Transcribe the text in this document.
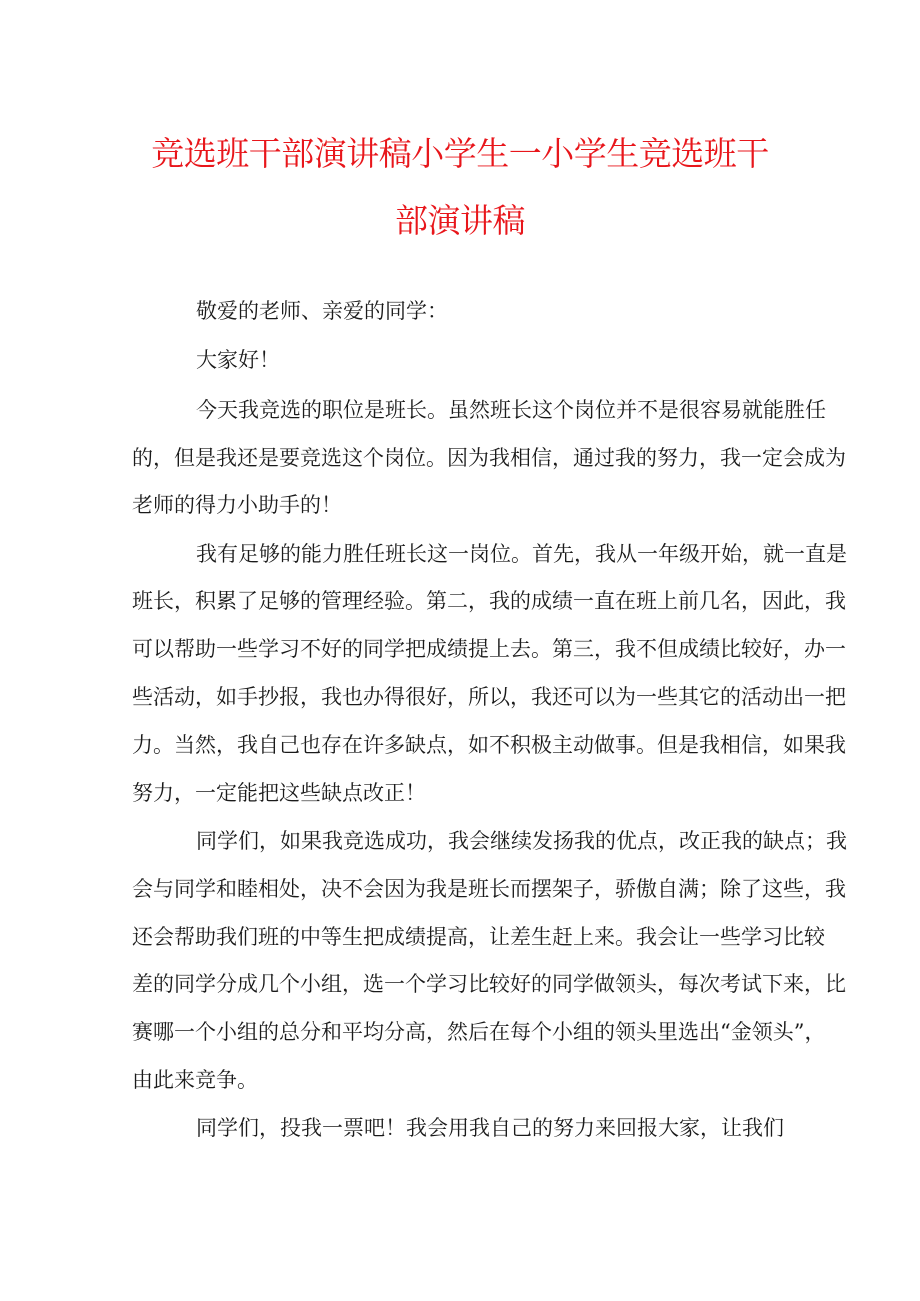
竞选班干部演讲稿小学生一小学生竞选班干
部演讲稿
敬爱的老师、亲爱的同学：
大家好！
今天我竞选的职位是班长。虽然班长这个岗位并不是很容易就能胜任
的，但是我还是要竞选这个岗位。因为我相信，通过我的努力，我一定会成为
老师的得力小助手的！
我有足够的能力胜任班长这一岗位。首先，我从一年级开始，就一直是
班长，积累了足够的管理经验。第二，我的成绩一直在班上前几名，因此，我
可以帮助一些学习不好的同学把成绩提上去。第三，我不但成绩比较好，办一
些活动，如手抄报，我也办得很好，所以，我还可以为一些其它的活动出一把
力。当然，我自己也存在许多缺点，如不积极主动做事。但是我相信，如果我
努力，一定能把这些缺点改正！
同学们，如果我竞选成功，我会继续发扬我的优点，改正我的缺点；我
会与同学和睦相处，决不会因为我是班长而摆架子，骄傲自满；除了这些，我
还会帮助我们班的中等生把成绩提高，让差生赶上来。我会让一些学习比较
差的同学分成几个小组，选一个学习比较好的同学做领头，每次考试下来，比
赛哪一个小组的总分和平均分高，然后在每个小组的领头里选出“金领头”，
由此来竞争。
同学们，投我一票吧！我会用我自己的努力来回报大家，让我们
